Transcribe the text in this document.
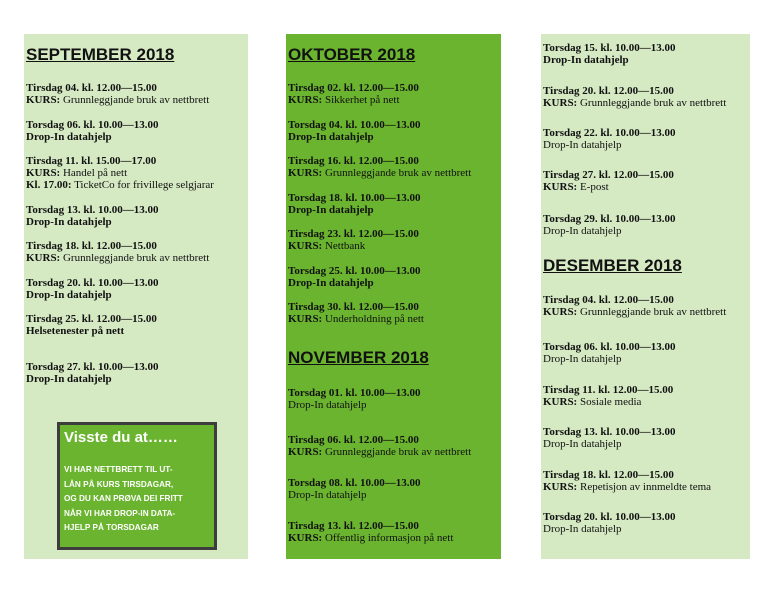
SEPTEMBER 2018
Tirsdag 04. kl. 12.00—15.00
KURS: Grunnleggjande bruk av nettbrett
Torsdag 06. kl. 10.00—13.00
Drop-In datahjelp
Tirsdag 11. kl. 15.00—17.00
KURS: Handel på nett
Kl. 17.00: TicketCo for frivillege selgjarar
Torsdag 13. kl. 10.00—13.00
Drop-In datahjelp
Tirsdag 18. kl. 12.00—15.00
KURS: Grunnleggjande bruk av nettbrett
Torsdag 20. kl. 10.00—13.00
Drop-In datahjelp
Tirsdag 25. kl. 12.00—15.00
Helsetenester på nett
Torsdag 27. kl. 10.00—13.00
Drop-In datahjelp
Visste du at……
VI HAR NETTBRETT TIL UT-
LÅN PÅ KURS TIRSDAGAR,
OG DU KAN PRØVA DEI FRITT
NÅR VI HAR DROP-IN DATA-
HJELP PÅ TORSDAGAR
OKTOBER 2018
Tirsdag 02. kl. 12.00—15.00
KURS: Sikkerhet på nett
Torsdag 04. kl. 10.00—13.00
Drop-In datahjelp
Tirsdag 16. kl. 12.00—15.00
KURS: Grunnleggjande bruk av nettbrett
Torsdag 18. kl. 10.00—13.00
Drop-In datahjelp
Tirsdag 23. kl. 12.00—15.00
KURS: Nettbank
Torsdag 25. kl. 10.00—13.00
Drop-In datahjelp
Tirsdag 30. kl. 12.00—15.00
KURS: Underholdning på nett
NOVEMBER 2018
Torsdag 01. kl. 10.00—13.00
Drop-In datahjelp
Tirsdag 06. kl. 12.00—15.00
KURS: Grunnleggjande bruk av nettbrett
Torsdag 08. kl. 10.00—13.00
Drop-In datahjelp
Tirsdag 13. kl. 12.00—15.00
KURS: Offentlig informasjon på nett
Torsdag 15. kl. 10.00—13.00
Drop-In datahjelp
Tirsdag 20. kl. 12.00—15.00
KURS: Grunnleggjande bruk av nettbrett
Torsdag 22. kl. 10.00—13.00
Drop-In datahjelp
Tirsdag 27. kl. 12.00—15.00
KURS: E-post
Torsdag 29. kl. 10.00—13.00
Drop-In datahjelp
DESEMBER 2018
Tirsdag 04. kl. 12.00—15.00
KURS: Grunnleggjande bruk av nettbrett
Torsdag 06. kl. 10.00—13.00
Drop-In datahjelp
Tirsdag 11. kl. 12.00—15.00
KURS: Sosiale media
Torsdag 13. kl. 10.00—13.00
Drop-In datahjelp
Tirsdag 18. kl. 12.00—15.00
KURS: Repetisjon av innmeldte tema
Torsdag 20. kl. 10.00—13.00
Drop-In datahjelp
